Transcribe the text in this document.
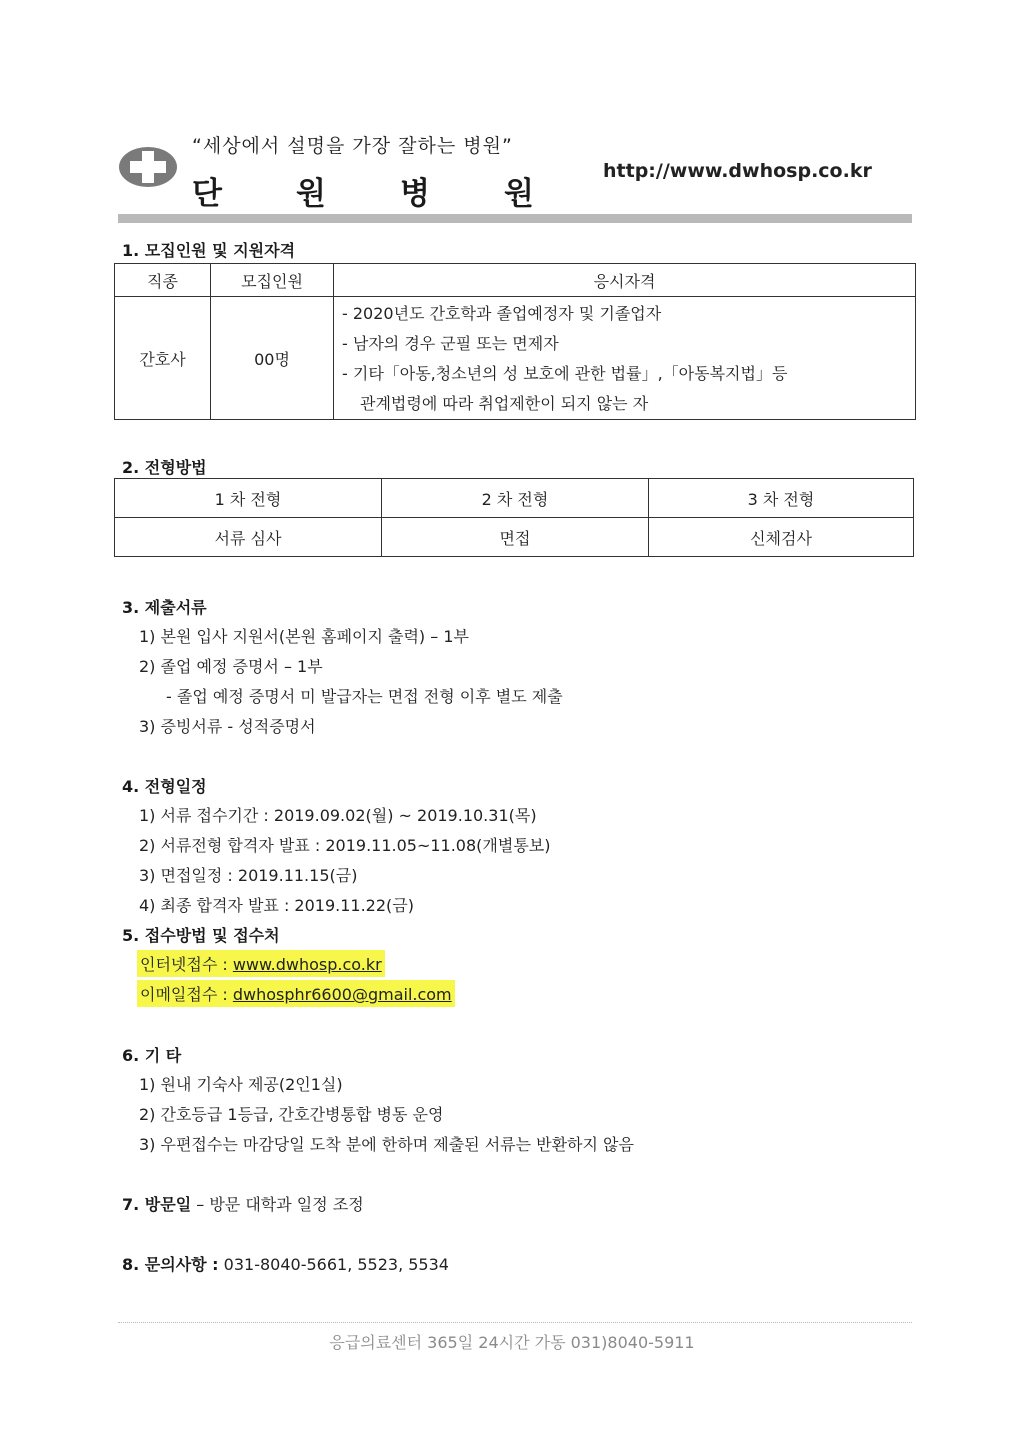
“세상에서 설명을 가장 잘하는 병원”
단 원 병 원
http://www.dwhosp.co.kr
1. 모집인원 및 지원자격
직종	모집인원	응시자격
간호사	00명	- 2020년도 간호학과 졸업예정자 및 기졸업자
- 남자의 경우 군필 또는 면제자
- 기타「아동,청소년의 성 보호에 관한 법률」,「아동복지법」등
관계법령에 따라 취업제한이 되지 않는 자
2. 전형방법
1 차 전형	2 차 전형	3 차 전형
서류 심사	면접	신체검사
3. 제출서류
1) 본원 입사 지원서(본원 홈페이지 출력) – 1부
2) 졸업 예정 증명서 – 1부
- 졸업 예정 증명서 미 발급자는 면접 전형 이후 별도 제출
3) 증빙서류 - 성적증명서
4. 전형일정
1) 서류 접수기간 : 2019.09.02(월) ~ 2019.10.31(목)
2) 서류전형 합격자 발표 : 2019.11.05~11.08(개별통보)
3) 면접일정 : 2019.11.15(금)
4) 최종 합격자 발표 : 2019.11.22(금)
5. 접수방법 및 접수처
인터넷접수 : www.dwhosp.co.kr
이메일접수 : dwhosphr6600@gmail.com
6. 기 타
1) 원내 기숙사 제공(2인1실)
2) 간호등급 1등급, 간호간병통합 병동 운영
3) 우편접수는 마감당일 도착 분에 한하며 제출된 서류는 반환하지 않음
7. 방문일 – 방문 대학과 일정 조정
8. 문의사항 : 031-8040-5661, 5523, 5534
응급의료센터 365일 24시간 가동 031)8040-5911
